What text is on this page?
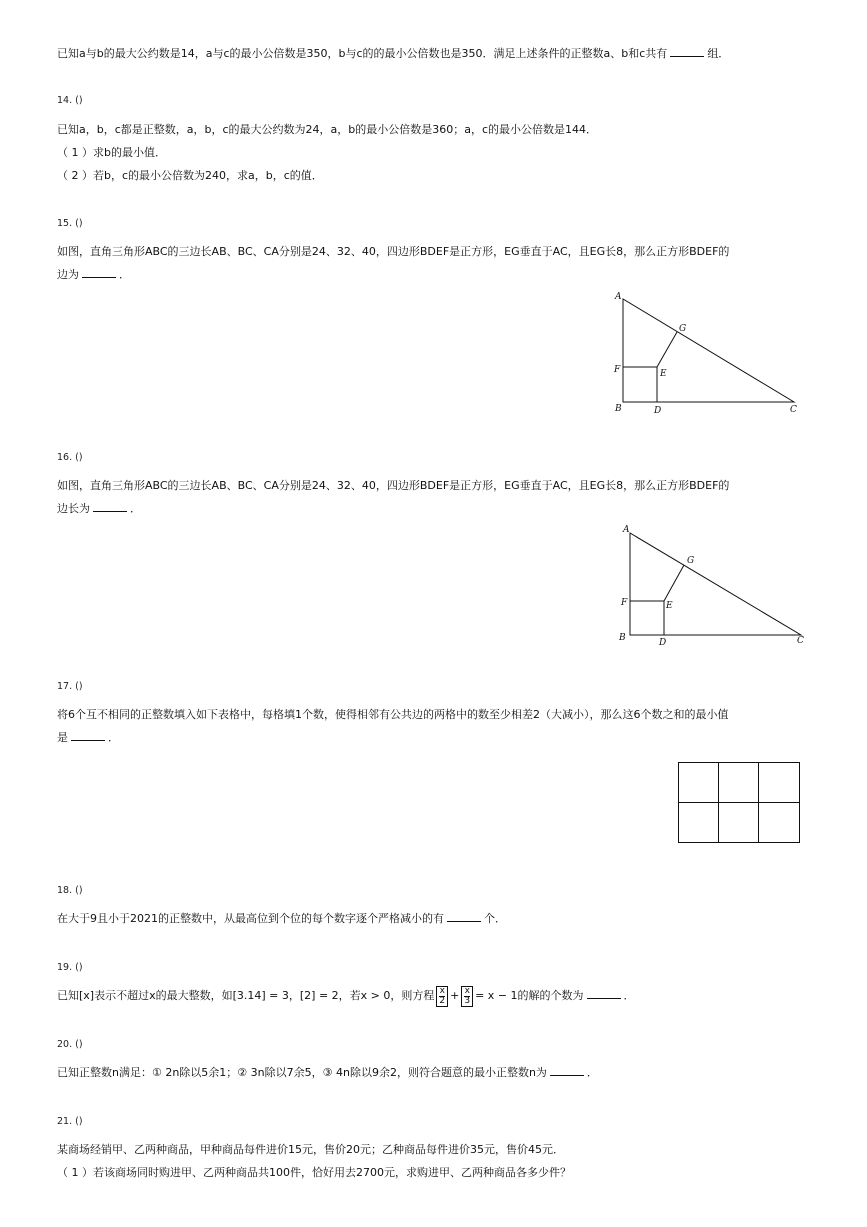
已知a与b的最大公约数是14，a与c的最小公倍数是350，b与c的的最小公倍数也是350．满足上述条件的正整数a、b和c共有	组．
14. ()
已知a，b，c都是正整数，a，b，c的最大公约数为24，a，b的最小公倍数是360；a，c的最小公倍数是144．
（ 1 ）求b的最小值．
（ 2 ）若b，c的最小公倍数为240，求a，b，c的值．
15. ()
如图，直角三角形ABC的三边长AB、BC、CA分别是24、32、40，四边形BDEF是正方形，EG垂直于AC，且EG长8，那么正方形BDEF的
边为	．
A
B	C
D
E
F
G
16. ()
如图，直角三角形ABC的三边长AB、BC、CA分别是24、32、40，四边形BDEF是正方形，EG垂直于AC，且EG长8，那么正方形BDEF的
边长为	．
A
B	C
D
E
F
G
17. ()
将6个互不相同的正整数填入如下表格中，每格填1个数，使得相邻有公共边的两格中的数至少相差2（大减小），那么这6个数之和的最小值
是	．
18. ()
在大于9且小于2021的正整数中，从最高位到个位的每个数字逐个严格减小的有	个．
19. ()
已知[x]表示不超过x的最大整数，如[3.14] = 3，[2] = 2，若x > 0，则方程 $\frac{x}{2} + \frac{x}{3} = x - 1$的解的个数为	．
20. ()
已知正整数n满足：① 2n除以5余1；② 3n除以7余5，③ 4n除以9余2，则符合题意的最小正整数n为	．
21. ()
某商场经销甲、乙两种商品，甲种商品每件进价15元，售价20元；乙种商品每件进价35元，售价45元．
（ 1 ）若该商场同时购进甲、乙两种商品共100件，恰好用去2700元，求购进甲、乙两种商品各多少件？
